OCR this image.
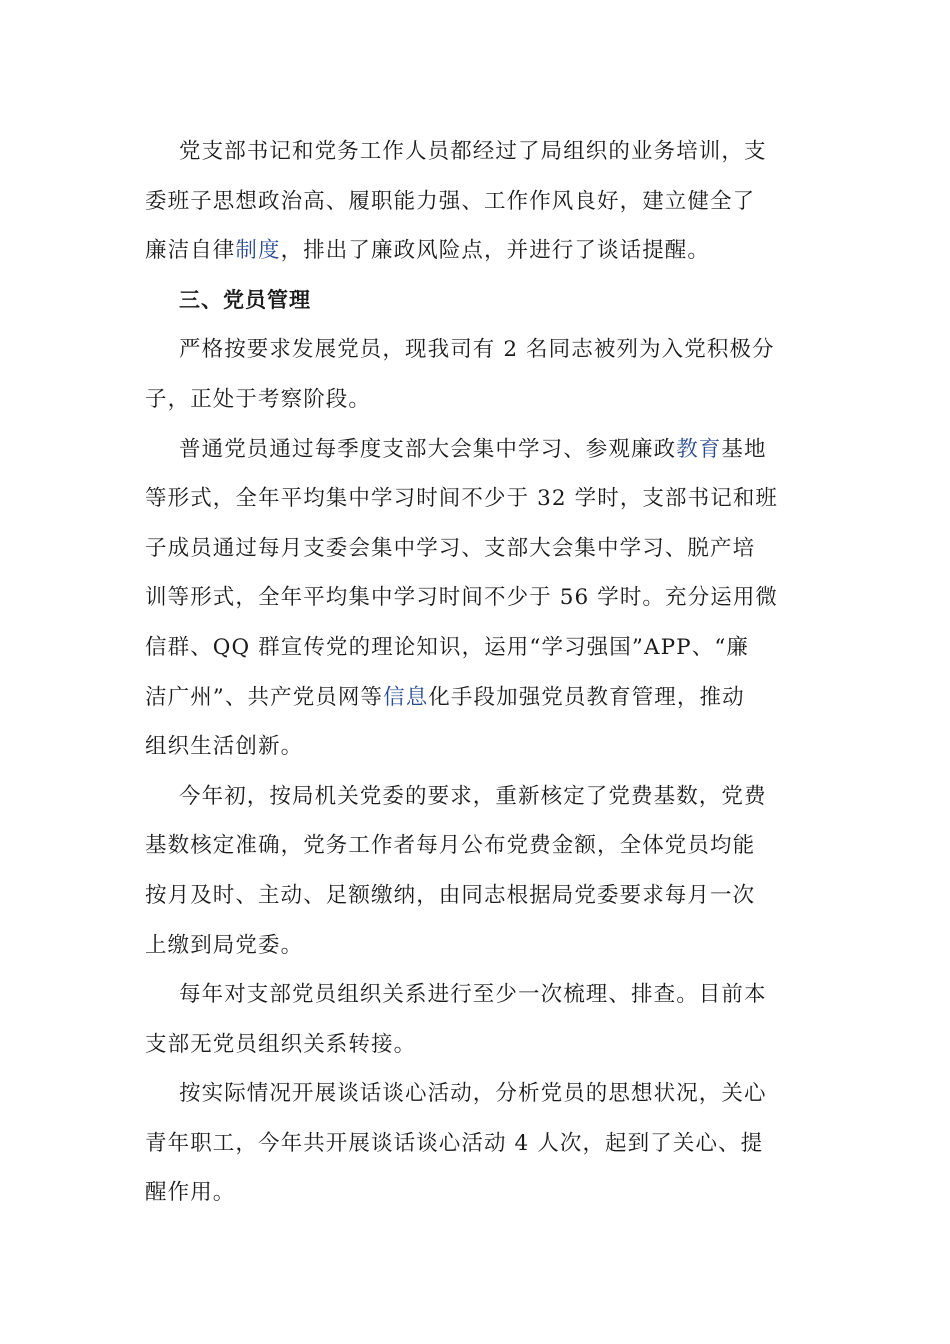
党支部书记和党务工作人员都经过了局组织的业务培训，支
委班子思想政治高、履职能力强、工作作风良好，建立健全了
廉洁自律制度，排出了廉政风险点，并进行了谈话提醒。
三、党员管理
严格按要求发展党员，现我司有 2 名同志被列为入党积极分
子，正处于考察阶段。
普通党员通过每季度支部大会集中学习、参观廉政教育基地
等形式，全年平均集中学习时间不少于 32 学时，支部书记和班
子成员通过每月支委会集中学习、支部大会集中学习、脱产培
训等形式，全年平均集中学习时间不少于 56 学时。充分运用微
信群、QQ 群宣传党的理论知识，运用“学习强国”APP、“廉
洁广州”、共产党员网等信息化手段加强党员教育管理，推动
组织生活创新。
今年初，按局机关党委的要求，重新核定了党费基数，党费
基数核定准确，党务工作者每月公布党费金额，全体党员均能
按月及时、主动、足额缴纳，由同志根据局党委要求每月一次
上缴到局党委。
每年对支部党员组织关系进行至少一次梳理、排查。目前本
支部无党员组织关系转接。
按实际情况开展谈话谈心活动，分析党员的思想状况，关心
青年职工，今年共开展谈话谈心活动 4 人次，起到了关心、提
醒作用。
